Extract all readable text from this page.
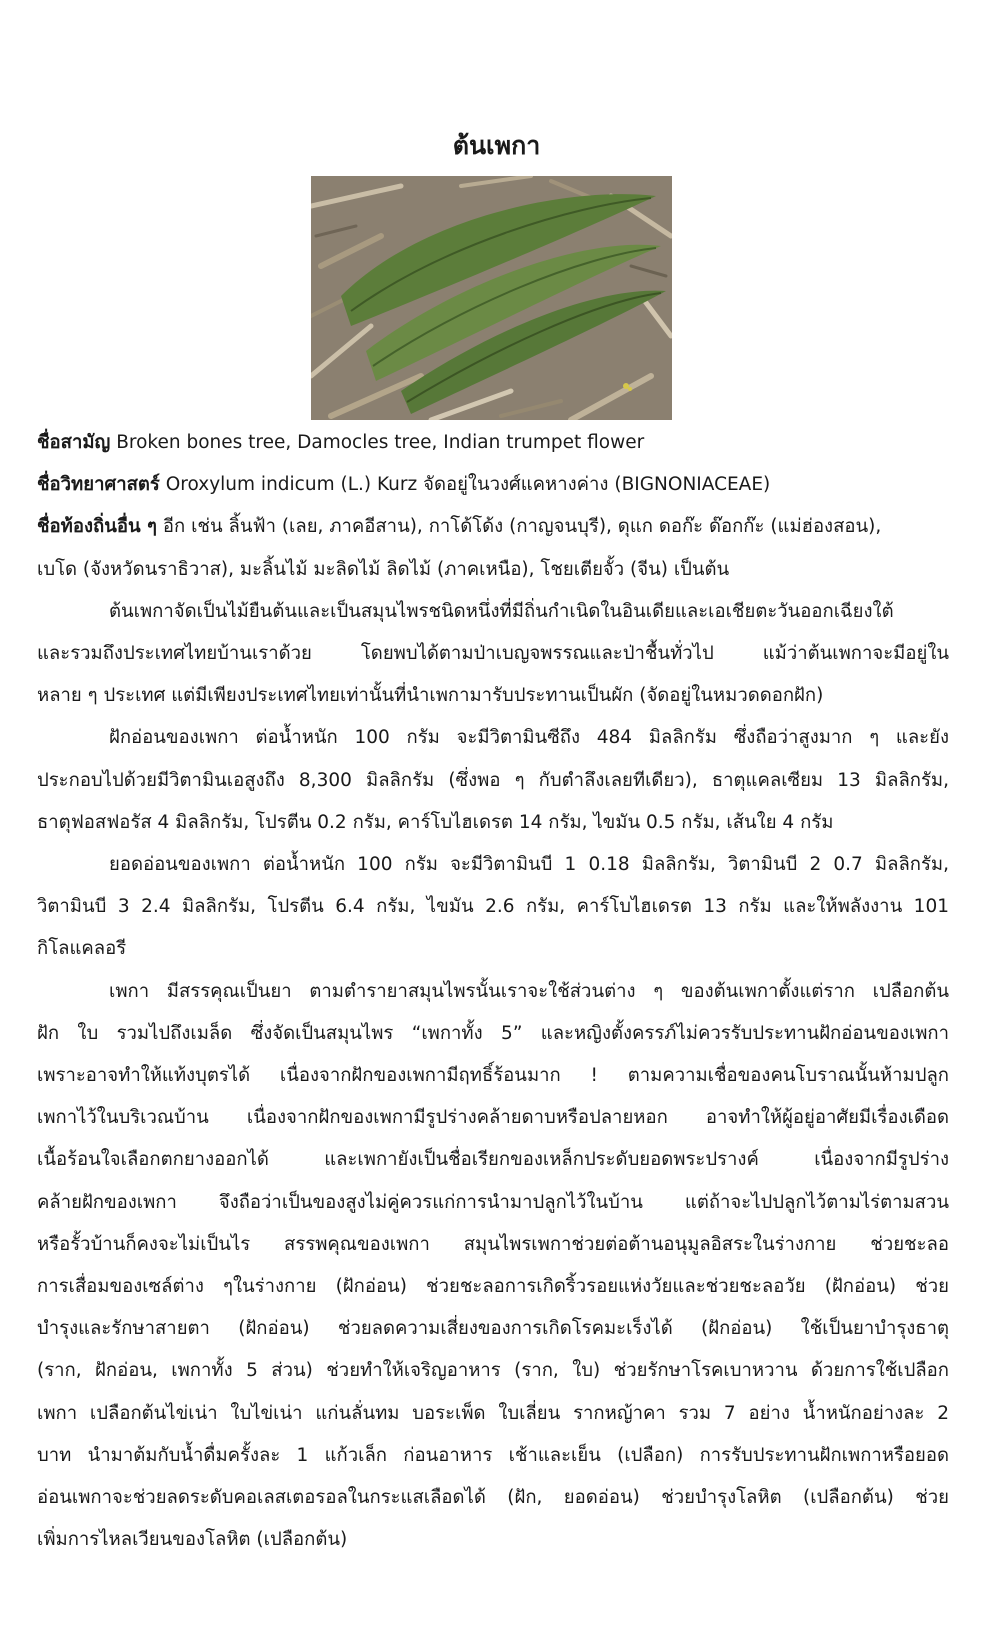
ต้นเพกา
ชื่อสามัญ Broken bones tree, Damocles tree, Indian trumpet flower
ชื่อวิทยาศาสตร์ Oroxylum indicum (L.) Kurz จัดอยู่ในวงศ์แคหางค่าง (BIGNONIACEAE)
ชื่อท้องถิ่นอื่น ๆ อีก เช่น ลิ้นฟ้า (เลย, ภาคอีสาน), กาโด้โด้ง (กาญจนบุรี), ดุแก ดอก๊ะ ด๊อกก๊ะ (แม่ฮ่องสอน),
เบโด (จังหวัดนราธิวาส), มะลิ้นไม้ มะลิดไม้ ลิดไม้ (ภาคเหนือ), โชยเตียจั้ว (จีน) เป็นต้น
ต้นเพกาจัดเป็นไม้ยืนต้นและเป็นสมุนไพรชนิดหนึ่งที่มีถิ่นกำเนิดในอินเดียและเอเชียตะวันออกเฉียงใต้
และรวมถึงประเทศไทยบ้านเราด้วย โดยพบได้ตามป่าเบญจพรรณและป่าชื้นทั่วไป แม้ว่าต้นเพกาจะมีอยู่ใน
หลาย ๆ ประเทศ แต่มีเพียงประเทศไทยเท่านั้นที่นำเพกามารับประทานเป็นผัก (จัดอยู่ในหมวดดอกฝัก)
ฝักอ่อนของเพกา ต่อน้ำหนัก 100 กรัม จะมีวิตามินซีถึง 484 มิลลิกรัม ซึ่งถือว่าสูงมาก ๆ และยัง
ประกอบไปด้วยมีวิตามินเอสูงถึง 8,300 มิลลิกรัม (ซึ่งพอ ๆ กับตำลึงเลยทีเดียว), ธาตุแคลเซียม 13 มิลลิกรัม,
ธาตุฟอสฟอรัส 4 มิลลิกรัม, โปรตีน 0.2 กรัม, คาร์โบไฮเดรต 14 กรัม, ไขมัน 0.5 กรัม, เส้นใย 4 กรัม
ยอดอ่อนของเพกา ต่อน้ำหนัก 100 กรัม จะมีวิตามินบี 1 0.18 มิลลิกรัม, วิตามินบี 2 0.7 มิลลิกรัม,
วิตามินบี 3 2.4 มิลลิกรัม, โปรตีน 6.4 กรัม, ไขมัน 2.6 กรัม, คาร์โบไฮเดรต 13 กรัม และให้พลังงาน 101
กิโลแคลอรี
เพกา มีสรรคุณเป็นยา ตามตำรายาสมุนไพรนั้นเราจะใช้ส่วนต่าง ๆ ของต้นเพกาตั้งแต่ราก เปลือกต้น
ฝัก ใบ รวมไปถึงเมล็ด ซึ่งจัดเป็นสมุนไพร “เพกาทั้ง 5” และหญิงตั้งครรภ์ไม่ควรรับประทานฝักอ่อนของเพกา
เพราะอาจทำให้แท้งบุตรได้ เนื่องจากฝักของเพกามีฤทธิ์ร้อนมาก ! ตามความเชื่อของคนโบราณนั้นห้ามปลูก
เพกาไว้ในบริเวณบ้าน เนื่องจากฝักของเพกามีรูปร่างคล้ายดาบหรือปลายหอก อาจทำให้ผู้อยู่อาศัยมีเรื่องเดือด
เนื้อร้อนใจเลือกตกยางออกได้ และเพกายังเป็นชื่อเรียกของเหล็กประดับยอดพระปรางค์ เนื่องจากมีรูปร่าง
คล้ายฝักของเพกา จึงถือว่าเป็นของสูงไม่คู่ควรแก่การนำมาปลูกไว้ในบ้าน แต่ถ้าจะไปปลูกไว้ตามไร่ตามสวน
หรือรั้วบ้านก็คงจะไม่เป็นไร สรรพคุณของเพกา สมุนไพรเพกาช่วยต่อต้านอนุมูลอิสระในร่างกาย ช่วยชะลอ
การเสื่อมของเซล์ต่าง ๆในร่างกาย (ฝักอ่อน) ช่วยชะลอการเกิดริ้วรอยแห่งวัยและช่วยชะลอวัย (ฝักอ่อน) ช่วย
บำรุงและรักษาสายตา (ฝักอ่อน) ช่วยลดความเสี่ยงของการเกิดโรคมะเร็งได้ (ฝักอ่อน) ใช้เป็นยาบำรุงธาตุ
(ราก, ฝักอ่อน, เพกาทั้ง 5 ส่วน) ช่วยทำให้เจริญอาหาร (ราก, ใบ) ช่วยรักษาโรคเบาหวาน ด้วยการใช้เปลือก
เพกา เปลือกต้นไข่เน่า ใบไข่เน่า แก่นลั่นทม บอระเพ็ด ใบเลี่ยน รากหญ้าคา รวม 7 อย่าง น้ำหนักอย่างละ 2
บาท นำมาต้มกับน้ำดื่มครั้งละ 1 แก้วเล็ก ก่อนอาหาร เช้าและเย็น (เปลือก) การรับประทานฝักเพกาหรือยอด
อ่อนเพกาจะช่วยลดระดับคอเลสเตอรอลในกระแสเลือดได้ (ฝัก, ยอดอ่อน) ช่วยบำรุงโลหิต (เปลือกต้น) ช่วย
เพิ่มการไหลเวียนของโลหิต (เปลือกต้น)
